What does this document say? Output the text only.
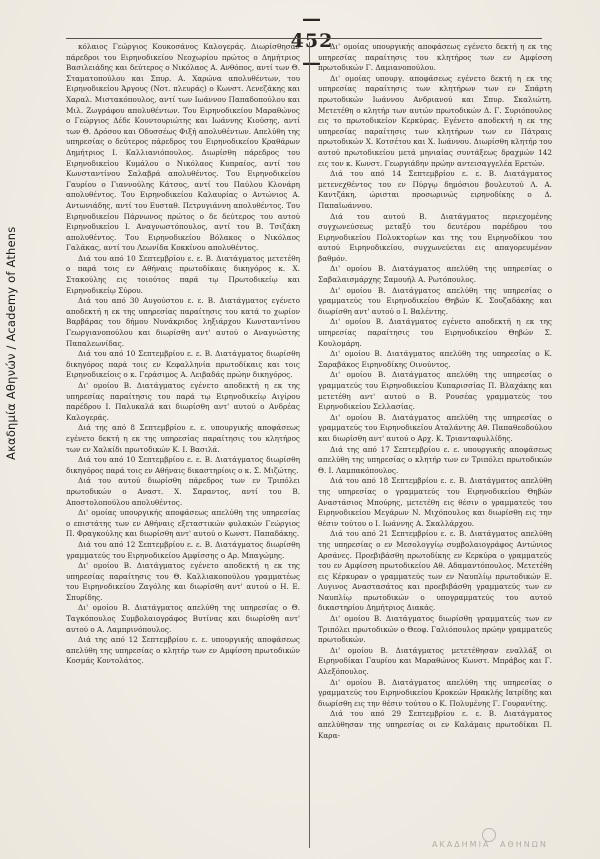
Ακαδημία Αθηνών / Academy of Athens
— 452 —

κόλαιος Γεώργιος Κουκοσάνος Καλογεράς. Διωρίσθησαν πάρεδροι του Ειρηνοδικείου Νεοχωρίου πρώτος ο Δημήτριος Βασιλειάδης και δεύτερος ο Νικόλαος Α. Ανθόπος, αντί των Θ. Σταματοπούλου και Σπυρ. Α. Χαρώνα απολυθέντων, του Ειρηνοδικείου Άργους (Νοτ. πλευράς) ο Κωνστ. Λενεζάκης και Χαραλ. Μιστακόπουλος, αντί των Ιωάννου Παπαδοπούλου και Μιλ. Ζωγράφου απολυθέντων. Του Ειρηνοδικείου Μαραθώνος ο Γεώργιος Δέδε Κουντουριώτης και Ιωάννης Κιούσης, αντί των Θ. Δρόσου και Οδυσσέως Φιξή απολυθέντων. Απελύθη της υπηρεσίας ο δεύτερος πάρεδρος του Ειρηνοδικείου Κραθάρων Δημήτριος Ι. Καλλιανιόπουλος. Διωρίσθη πάρεδρος του Ειρηνοδικείου Κυμάλου ο Νικόλαος Κυπραίος, αντί του Κωνσταντίνου Σαλαβρά απολυθέντος. Του Ειρηνοδικείου Γαυρίου ο Γιαννούλης Κάτσος, αντί του Παύλου Κλονάρη απολυθέντος. Του Ειρηνοδικείου Καλαυρίας ο Αντώνιος Α. Αντωνιάδης, αντί του Ευσταθ. Πετρυγιάννη απολυθέντος. Του Ειρηνοδικείου Πάρνωνος πρώτος ο δε δεύτερος του αυτού Ειρηνοδικείου Ι. Αναγνωστόπουλος, αντί του Β. Τσιζάκη απολυθέντος. Του Ειρηνοδικείου Βόλακος ο Νικόλαος Γαλάκας, αντί του Λεωνίδα Κοκκίνου απολυθέντος.

Διά του από 10 Σεπτεμβρίου ε. ε. Β. Διατάγματος μετετέθη ο παρά τοις εν Αθήναις πρωτοδίκαις δικηγόρος κ. Χ. Στακούλης εις τοιούτος παρά τῳ Πρωτοδικείῳ και Ειρηνοδικείῳ Σύρου.

Διά του από 30 Αυγούστου ε. ε. Β. Διατάγματος εγένετο αποδεκτή η εκ της υπηρεσίας παραίτησις του κατά το χωρίον Βαρβάρας του δήμου Νυνάκριδος ληξιάρχου Κωνσταντίνου Γεωργιανοπούλου και διωρίσθη αντ' αυτού ο Αναγνώστης Παπαλεωνίδας.

Διά του από 10 Σεπτεμβρίου ε. ε. Β. Διατάγματος διωρίσθη δικηγόρος παρά τοις εν Κεφαλληνία πρωτοδίκαις και τοις Ειρηνοδικείοις ο κ. Γεράσιμος Α. Λειβαδάς πρώην δικηγόρος.

Δι' ομοίου Β. Διατάγματος εγένετο αποδεκτή η εκ της υπηρεσίας παραίτησις του παρά τῳ Ειρηνοδικείῳ Αιγίρου παρέδρου Ι. Παλυκαλά και διωρίσθη αντ' αυτού ο Ανδρέας Καλογεράς.

Διά της από 8 Σεπτεμβρίου ε. ε. υπουργικής αποφάσεως εγένετο δεκτή η εκ της υπηρεσίας παραίτησις του κλητήρος των εν Χαλκίδι πρωτοδικών Κ. Ι. Βασιλά.

Διά του από 10 Σεπτεμβρίου ε. ε. Β. Διατάγματος διωρίσθη δικηγόρος παρά τοις εν Αθήναις δικαστηρίοις ο κ. Σ. Μιζώτης.

Διά του αυτού διωρίσθη πάρεδρος των εν Τριπόλει πρωτοδικών ο Αναστ. Χ. Σαραντος, αντί του Β. Αποστολοπούλου απολυθέντος.

Δι' ομοίας υπουργικής αποφάσεως απελύθη της υπηρεσίας ο επιστάτης των εν Αθήναις εξεταστικών φυλακών Γεώργιος Π. Φραγκούλης και διωρίσθη αντ' αυτού ο Κωνστ. Παπαδάκης.

Διά του από 12 Σεπτεμβρίου ε. ε. Β. Διατάγματος διωρίσθη γραμματεύς του Ειρηνοδικείου Αμφίσσης ο Αρ. Μπαγώμης.

Δι' ομοίου Β. Διατάγματος εγένετο αποδεκτή η εκ της υπηρεσίας παραίτησις του Θ. Καλλιακοπούλου γραμματέως του Ειρηνοδικείου Ζαγόλης και διωρίσθη αντ' αυτού ο Η. Ε. Σπυρίδης.

Δι' ομοίου Β. Διατάγματος απελύθη της υπηρεσίας ο Θ. Ταγκόπουλος Συμβολαιογράφος Βυτίνας και διωρίσθη αντ' αυτού ο Α. Λαμπρινόπουλος.

Διά της από 12 Σεπτεμβρίου ε. ε. υπουργικής αποφάσεως απελύθη της υπηρεσίας ο κλητήρ των εν Αμφίσση πρωτοδικών Κοσμάς Κοντολάτος.

Δι' ομοίας υπουργικής αποφάσεως εγένετο δεκτή η εκ της υπηρεσίας παραίτησις του κλητήρος των εν Αμφίσση πρωτοδικών Γ. Δαμιανοπούλου.

Δι' ομοίας υπουργ. αποφάσεως εγένετο δεκτή η εκ της υπηρεσίας παραίτησις των κλητήρων των εν Σπάρτη πρωτοδικών Ιωάννου Ανδριανού και Σπυρ. Σκαλιώτη. Μετετέθη ο κλητήρ των αυτών πρωτοδικών Δ. Γ. Συριόπουλος εις το πρωτοδικείον Κερκύρας. Εγένετο αποδεκτή η εκ της υπηρεσίας παραίτησις των κλητήρων των εν Πάτραις πρωτοδικών Χ. Κοτσέτου και Χ. Ιωάννου. Διωρίσθη κλητήρ του αυτού πρωτοδικείου μετά μηνιαίας συντάξεως δραχμών 142 εις τον κ. Κωνστ. Γεωργιάδην πρώην αντεισαγγελέα Ερετών.

Διά του από 14 Σεπτεμβρίου ε. ε. Β. Διατάγματος μετενεχθέντος του εν Πύργῳ δημόσιου βουλευτού Λ. Α. Καντζάκη, ώρισται προσωρινώς ειρηνοδίκης ο Δ. Παπαϊωάννου.

Διά του αυτού Β. Διατάγματος περιεχομένης συγχωνεύσεως μεταξύ του δευτέρου παρέδρου του Ειρηνοδικείου Πολυκτορίων και της του Ειρηνοδίκου του αυτού Ειρηνοδικείου, συγχωνεύεται εις απαγορευμένον βαθμόν.

Δι' ομοίου Β. Διατάγματος απελύθη της υπηρεσίας ο Σαβαλαισμάρχης Σαμουήλ Α. Ρωτόπουλος.

Δι' ομοίου Β. Διατάγματος απελύθη της υπηρεσίας ο γραμματεύς του Ειρηνοδικείου Θηβών Κ. Σουζαδάκης και διωρίσθη αντ' αυτού ο Ι. Βαλέντης.

Δι' ομοίου Β. Διατάγματος εγένετο αποδεκτή η εκ της υπηρεσίας παραίτησις του Ειρηνοδικείου Θηβών Σ. Κουλομάρη.

Δι' ομοίου Β. Διατάγματος απελύθη της υπηρεσίας ο Κ. Σαραβάκος Ειρηνοδίκης Οινούντος.

Δι' ομοίου Β. Διατάγματος απελύθη της υπηρεσίας ο γραμματεύς του Ειρηνοδικείου Κυπαρισσίας Π. Βλαχάκης και μετετέθη αντ' αυτού ο Β. Ρουσέας γραμματεύς του Ειρηνοδικείου Σελλασίας.

Δι' ομοίου Β. Διατάγματος απελύθη της υπηρεσίας ο γραμματεύς του Ειρηνοδικείου Αταλάντης Αθ. Παπαθεοδούλου και διωρίσθη αντ' αυτού ο Αρχ. Κ. Τριανταφυλλίδης.

Διά της από 17 Σεπτεμβρίου ε. ε. υπουργικής αποφάσεως απελύθη της υπηρεσίας ο κλητήρ των εν Τριπόλει πρωτοδικών Θ. Ι. Λαμπακόπουλος.

Διά του από 18 Σεπτεμβρίου ε. ε. Β. Διατάγματος απελύθη της υπηρεσίας ο γραμματεύς του Ειρηνοδικείου Θηβών Αναστάσιος Μπούρης, μετετέθη εις θέσιν ο γραμματεύς του Ειρηνοδικείου Μεγάρων Ν. Μιχόπουλος και διωρίσθη εις την θέσιν τούτου ο Ι. Ιωάννης Α. Σκαλλάρχου.

Διά του από 21 Σεπτεμβρίου ε. ε. Β. Διατάγματος απελύθη της υπηρεσίας ο εν Μεσολογγίῳ συμβολαιογράφος Αντώνιος Αρσάνες. Προεβιβάσθη πρωτοδίκης εν Κερκύρα ο γραμματεύς του εν Αμφίσση πρωτοδικείου Αθ. Αδαμαντόπουλος. Μετετέθη εις Κέρκυραν ο γραμματεύς των εν Ναυπλίῳ πρωτοδικών Ε. Λυγινος Αναστασάτος και προεβιβάσθη γραμματεύς των εν Ναυπλίῳ πρωτοδικών ο υπογραμματεύς του αυτού δικαστηρίου Δημήτριος Διακάς.

Δι' ομοίου Β. Διατάγματος διωρίσθη γραμματεύς των εν Τριπόλει πρωτοδικών ο Θεοφ. Γαλιόπουλος πρώην γραμματεύς πρωτοδικών.

Δι' ομοίου Β. Διατάγματος μετετέθησαν εναλλάξ οι Ειρηνοδίκαι Γαυρίου και Μαραθώνος Κωνστ. Μπράβος και Γ. Αλεξόπουλος.

Δι' ομοίου Β. Διατάγματος απελύθη της υπηρεσίας ο γραμματεύς του Ειρηνοδικείου Κροκεών Ηρακλής Ιατρίδης και διωρίσθη εις την θέσιν τούτου ο Κ. Πολυμένης Γ. Γουρανίτης.

Διά του από 29 Σεπτεμβρίου ε. ε. Β. Διατάγματος απελύθησαν της υπηρεσίας οι εν Καλάμαις πρωτοδίκαι Π. Καρα-

ΑΚΑΔΗΜΙΑ ΑΘΗΝΩΝ
